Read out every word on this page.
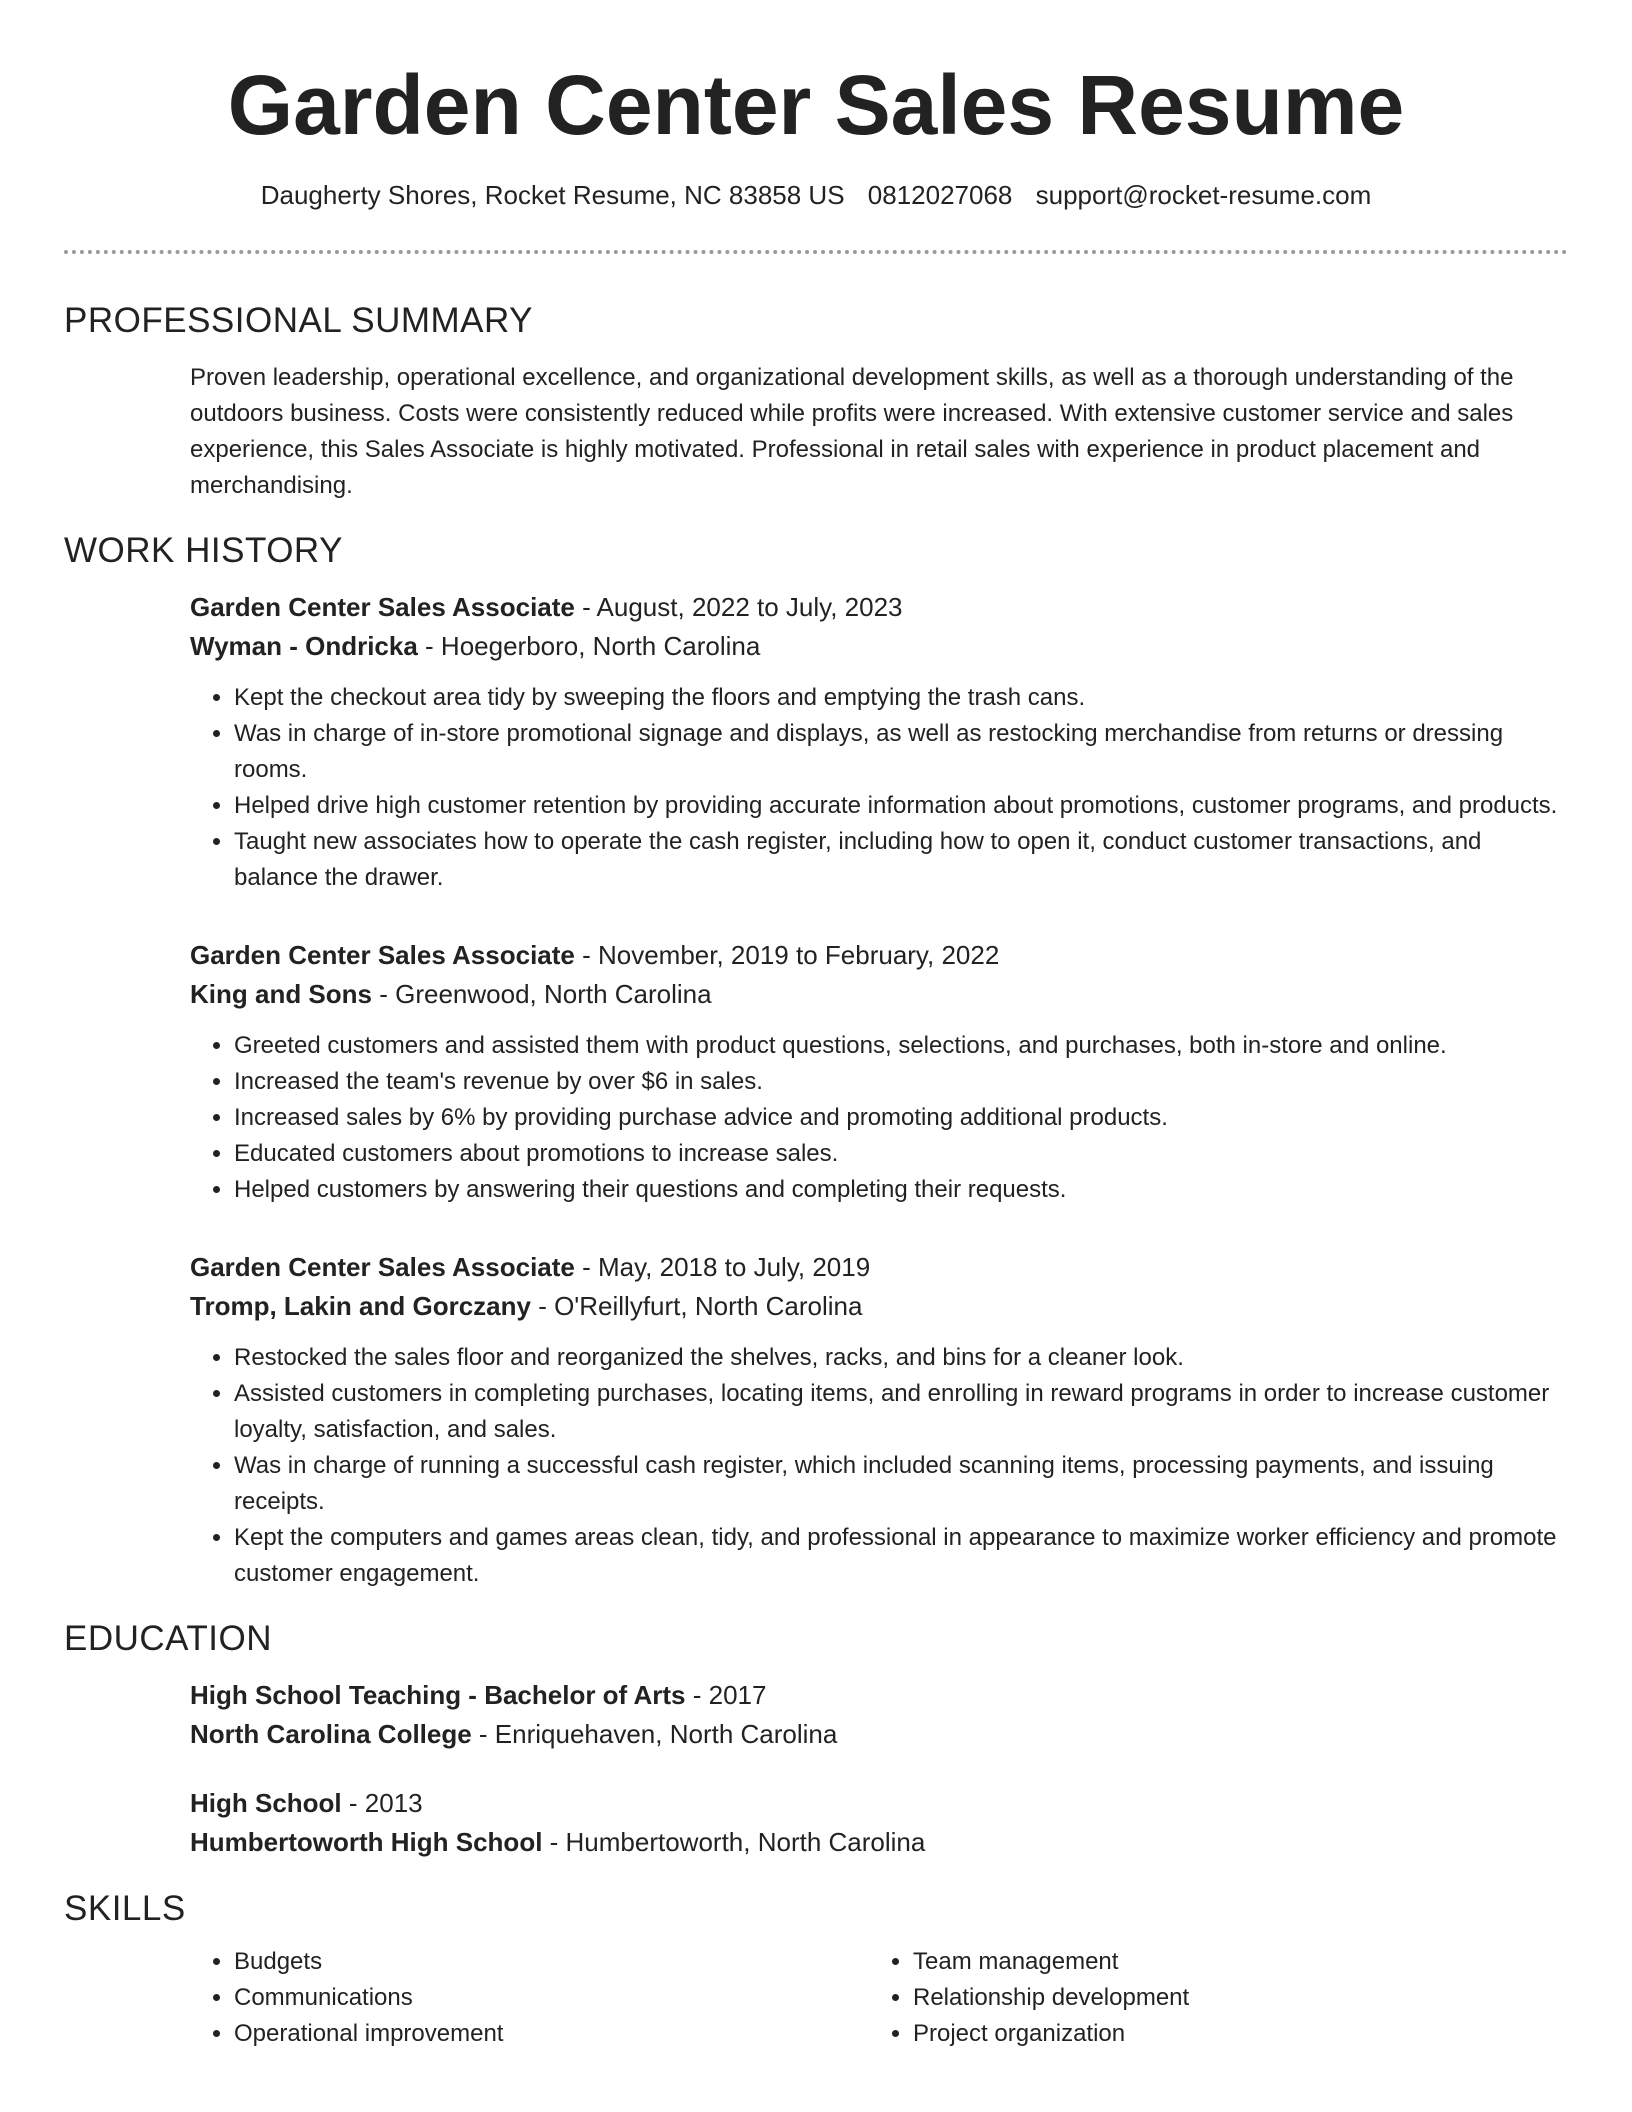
Garden Center Sales Resume
Daugherty Shores, Rocket Resume, NC 83858 US 0812027068 support@rocket-resume.com
PROFESSIONAL SUMMARY
Proven leadership, operational excellence, and organizational development skills, as well as a thorough understanding of the outdoors business. Costs were consistently reduced while profits were increased. With extensive customer service and sales experience, this Sales Associate is highly motivated. Professional in retail sales with experience in product placement and merchandising.
WORK HISTORY
Garden Center Sales Associate - August, 2022 to July, 2023
Wyman - Ondricka - Hoegerboro, North Carolina
• Kept the checkout area tidy by sweeping the floors and emptying the trash cans.
• Was in charge of in-store promotional signage and displays, as well as restocking merchandise from returns or dressing rooms.
• Helped drive high customer retention by providing accurate information about promotions, customer programs, and products.
• Taught new associates how to operate the cash register, including how to open it, conduct customer transactions, and balance the drawer.
Garden Center Sales Associate - November, 2019 to February, 2022
King and Sons - Greenwood, North Carolina
• Greeted customers and assisted them with product questions, selections, and purchases, both in-store and online.
• Increased the team's revenue by over $6 in sales.
• Increased sales by 6% by providing purchase advice and promoting additional products.
• Educated customers about promotions to increase sales.
• Helped customers by answering their questions and completing their requests.
Garden Center Sales Associate - May, 2018 to July, 2019
Tromp, Lakin and Gorczany - O'Reillyfurt, North Carolina
• Restocked the sales floor and reorganized the shelves, racks, and bins for a cleaner look.
• Assisted customers in completing purchases, locating items, and enrolling in reward programs in order to increase customer loyalty, satisfaction, and sales.
• Was in charge of running a successful cash register, which included scanning items, processing payments, and issuing receipts.
• Kept the computers and games areas clean, tidy, and professional in appearance to maximize worker efficiency and promote customer engagement.
EDUCATION
High School Teaching - Bachelor of Arts - 2017
North Carolina College - Enriquehaven, North Carolina
High School - 2013
Humbertoworth High School - Humbertoworth, North Carolina
SKILLS
• Budgets
• Communications
• Operational improvement
• Team management
• Relationship development
• Project organization
